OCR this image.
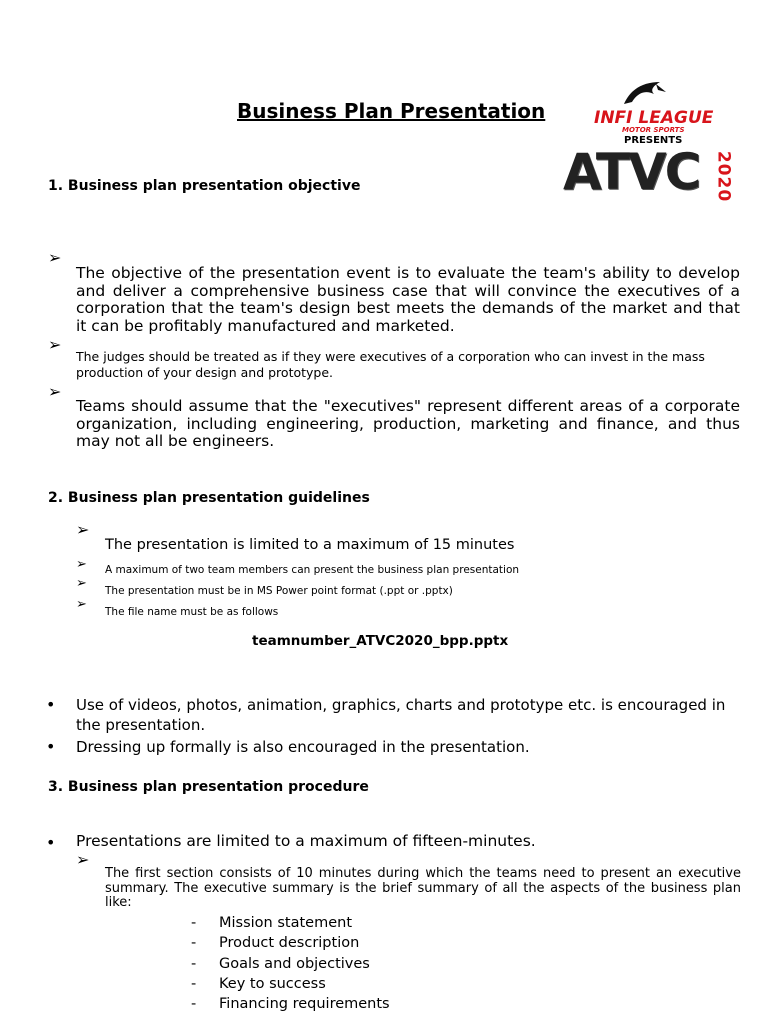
Business Plan Presentation	INFI LEAGUE
MOTOR SPORTS
PRESENTS
ATVC 2020
1. Business plan presentation objective
➢

The objective of the presentation event is to evaluate the team's ability to develop and deliver a comprehensive business case that will convince the executives of a corporation that the team's design best meets the demands of the market and that it can be profitably manufactured and marketed.

➢

The judges should be treated as if they were executives of a corporation who can invest in the mass production of your design and prototype.

➢

Teams should assume that the "executives" represent different areas of a corporate organization, including engineering, production, marketing and finance, and thus may not all be engineers.

2. Business plan presentation guidelines
➢
The presentation is limited to a maximum of 15 minutes
➢ A maximum of two team members can present the business plan presentation
➢ The presentation must be in MS Power point format (.ppt or .pptx)
➢ The file name must be as follows
teamnumber_ATVC2020_bpp.pptx
• Use of videos, photos, animation, graphics, charts and prototype etc. is encouraged in the presentation.

• Dressing up formally is also encouraged in the presentation.

3. Business plan presentation procedure
• Presentations are limited to a maximum of fifteen-minutes.
➢

The first section consists of 10 minutes during which the teams need to present an executive summary. The executive summary is the brief summary of all the aspects of the business plan like:

- Mission statement
- Product description
- Goals and objectives
- Key to success
- Financing requirements
